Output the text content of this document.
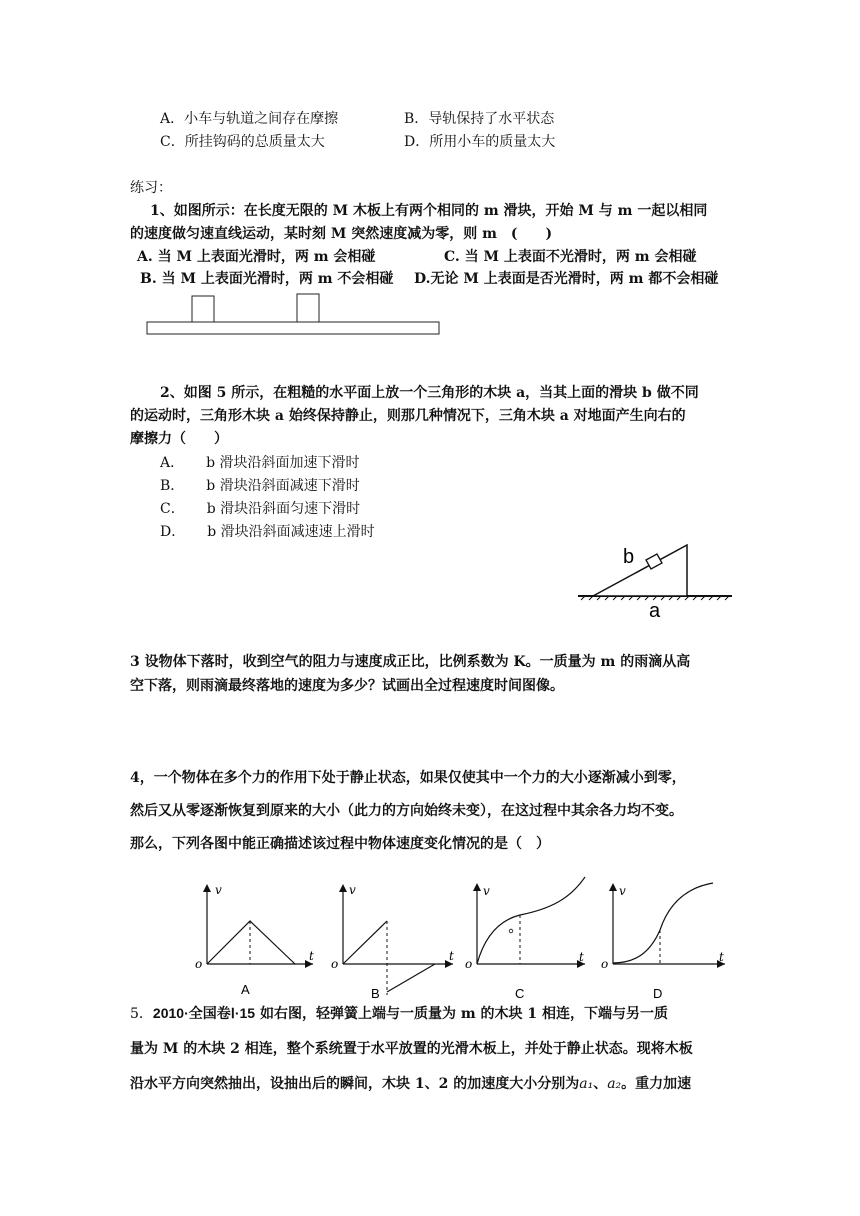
A．小车与轨道之间存在摩擦	B．导轨保持了水平状态
C．所挂钩码的总质量太大	D．所用小车的质量太大
练习：
1、如图所示：在长度无限的 M 木板上有两个相同的 m 滑块，开始 M 与 m 一起以相同
的速度做匀速直线运动，某时刻 M 突然速度减为零，则 m　(　　)
A. 当 M 上表面光滑时，两 m 会相碰	C. 当 M 上表面不光滑时，两 m 会相碰
B. 当 M 上表面光滑时，两 m 不会相碰 D.无论 M 上表面是否光滑时，两 m 都不会相碰
2、如图 5 所示，在粗糙的水平面上放一个三角形的木块 a，当其上面的滑块 b 做不同
的运动时，三角形木块 a 始终保持静止，则那几种情况下，三角木块 a 对地面产生向右的
摩擦力（　　）
A． b 滑块沿斜面加速下滑时
B． b 滑块沿斜面减速下滑时
C． b 滑块沿斜面匀速下滑时
D． b 滑块沿斜面减速速上滑时
b
a
3 设物体下落时，收到空气的阻力与速度成正比，比例系数为 K。一质量为 m 的雨滴从高
空下落，则雨滴最终落地的速度为多少？试画出全过程速度时间图像。
4，一个物体在多个力的作用下处于静止状态，如果仅使其中一个力的大小逐渐减小到零，
然后又从零逐渐恢复到原来的大小（此力的方向始终未变），在这过程中其余各力均不变。
那么，下列各图中能正确描述该过程中物体速度变化情况的是（　）
v
t
o
A
v
t
o
B
v
t
o
C
v
t
o
D
5．2010·全国卷Ⅰ·15 如右图，轻弹簧上端与一质量为 m 的木块 1 相连，下端与另一质
量为 M 的木块 2 相连，整个系统置于水平放置的光滑木板上，并处于静止状态。现将木板
沿水平方向突然抽出，设抽出后的瞬间，木块 1、2 的加速度大小分别为a₁、a₂。重力加速
